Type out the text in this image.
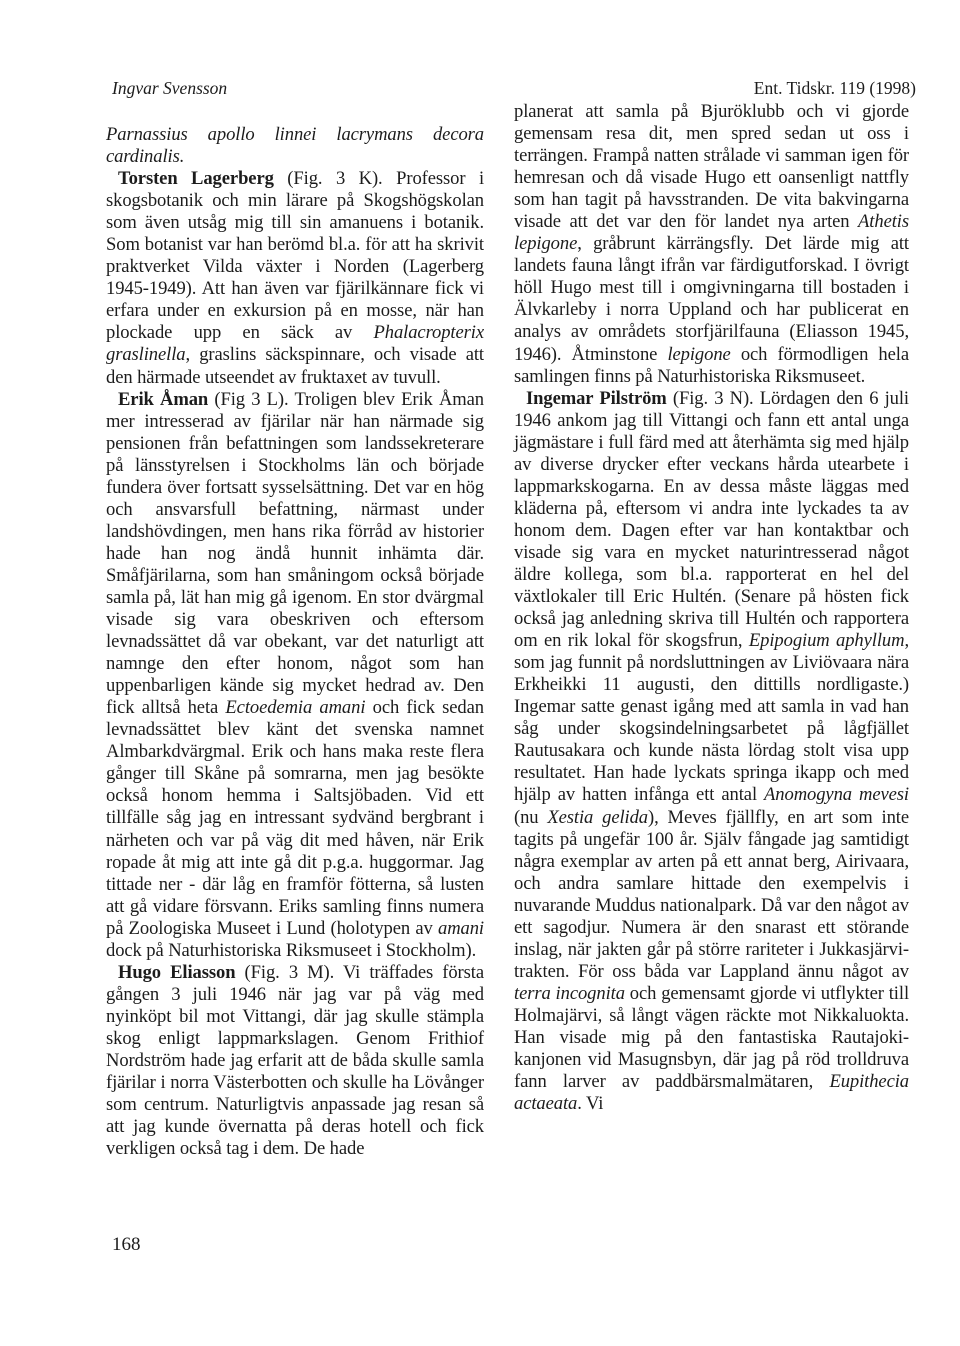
Ingvar Svensson	Ent. Tidskr. 119 (1998)

Parnassius apollo linnei lacrymans decora cardinalis.

Torsten Lagerberg (Fig. 3 K). Professor i skogsbotanik och min lärare på Skogshögskolan som även utsåg mig till sin amanuens i botanik. Som botanist var han berömd bl.a. för att ha skrivit praktverket Vilda växter i Norden (Lagerberg 1945-1949). Att han även var fjärilkännare fick vi erfara under en exkursion på en mosse, när han plockade upp en säck av Phalacropterix graslinella, graslins säckspinnare, och visade att den härmade utseendet av fruktaxet av tuvull.

Erik Åman (Fig 3 L). Troligen blev Erik Åman mer intresserad av fjärilar när han närmade sig pensionen från befattningen som landssekreterare på länsstyrelsen i Stockholms län och började fundera över fortsatt sysselsättning. Det var en hög och ansvarsfull befattning, närmast under landshövdingen, men hans rika förråd av historier hade han nog ändå hunnit inhämta där. Småfjärilarna, som han småningom också började samla på, lät han mig gå igenom. En stor dvärgmal visade sig vara obeskriven och eftersom levnadssättet då var obekant, var det naturligt att namnge den efter honom, något som han uppenbarligen kände sig mycket hedrad av. Den fick alltså heta Ectoedemia amani och fick sedan levnadssättet blev känt det svenska namnet Almbarkdvärgmal. Erik och hans maka reste flera gånger till Skåne på somrarna, men jag besökte också honom hemma i Saltsjöbaden. Vid ett tillfälle såg jag en intressant sydvänd bergbrant i närheten och var på väg dit med håven, när Erik ropade åt mig att inte gå dit p.g.a. huggormar. Jag tittade ner - där låg en framför fötterna, så lusten att gå vidare försvann. Eriks samling finns numera på Zoologiska Museet i Lund (holotypen av amani dock på Naturhistoriska Riksmuseet i Stockholm).

Hugo Eliasson (Fig. 3 M). Vi träffades första gången 3 juli 1946 när jag var på väg med nyinköpt bil mot Vittangi, där jag skulle stämpla skog enligt lappmarkslagen. Genom Frithiof Nordström hade jag erfarit att de båda skulle samla fjärilar i norra Västerbotten och skulle ha Lövånger som centrum. Naturligtvis anpassade jag resan så att jag kunde övernatta på deras hotell och fick verkligen också tag i dem. De hade

planerat att samla på Bjuröklubb och vi gjorde gemensam resa dit, men spred sedan ut oss i terrängen. Frampå natten strålade vi samman igen för hemresan och då visade Hugo ett oansenligt nattfly som han tagit på havsstranden. De vita bakvingarna visade att det var den för landet nya arten Athetis lepigone, gråbrunt kärrängsfly. Det lärde mig att landets fauna långt ifrån var färdigutforskad. I övrigt höll Hugo mest till i omgivningarna till bostaden i Älvkarleby i norra Uppland och har publicerat en analys av områdets storfjärilfauna (Eliasson 1945, 1946). Åtminstone lepigone och förmodligen hela samlingen finns på Naturhistoriska Riksmuseet.

Ingemar Pilström (Fig. 3 N). Lördagen den 6 juli 1946 ankom jag till Vittangi och fann ett antal unga jägmästare i full färd med att återhämta sig med hjälp av diverse drycker efter veckans hårda utearbete i lappmarkskogarna. En av dessa måste läggas med kläderna på, eftersom vi andra inte lyckades ta av honom dem. Dagen efter var han kontaktbar och visade sig vara en mycket naturintresserad något äldre kollega, som bl.a. rapporterat en hel del växtlokaler till Eric Hultén. (Senare på hösten fick också jag anledning skriva till Hultén och rapportera om en rik lokal för skogsfrun, Epipogium aphyllum, som jag funnit på nordsluttningen av Liviövaara nära Erkheikki 11 augusti, den dittills nordligaste.) Ingemar satte genast igång med att samla in vad han såg under skogsindelningsarbetet på lågfjället Rautusakara och kunde nästa lördag stolt visa upp resultatet. Han hade lyckats springa ikapp och med hjälp av hatten infånga ett antal Anomogyna mevesi (nu Xestia gelida), Meves fjällfly, en art som inte tagits på ungefär 100 år. Själv fångade jag samtidigt några exemplar av arten på ett annat berg, Airivaara, och andra samlare hittade den exempelvis i nuvarande Muddus nationalpark. Då var den något av ett sagodjur. Numera är den snarast ett störande inslag, när jakten går på större rariteter i Jukkasjärvi-trakten. För oss båda var Lappland ännu något av terra incognita och gemensamt gjorde vi utflykter till Holmajärvi, så långt vägen räckte mot Nikkaluokta. Han visade mig på den fantastiska Rautajoki-kanjonen vid Masugnsbyn, där jag på röd trolldruva fann larver av paddbärsmalmätaren, Eupithecia actaeata. Vi

168
